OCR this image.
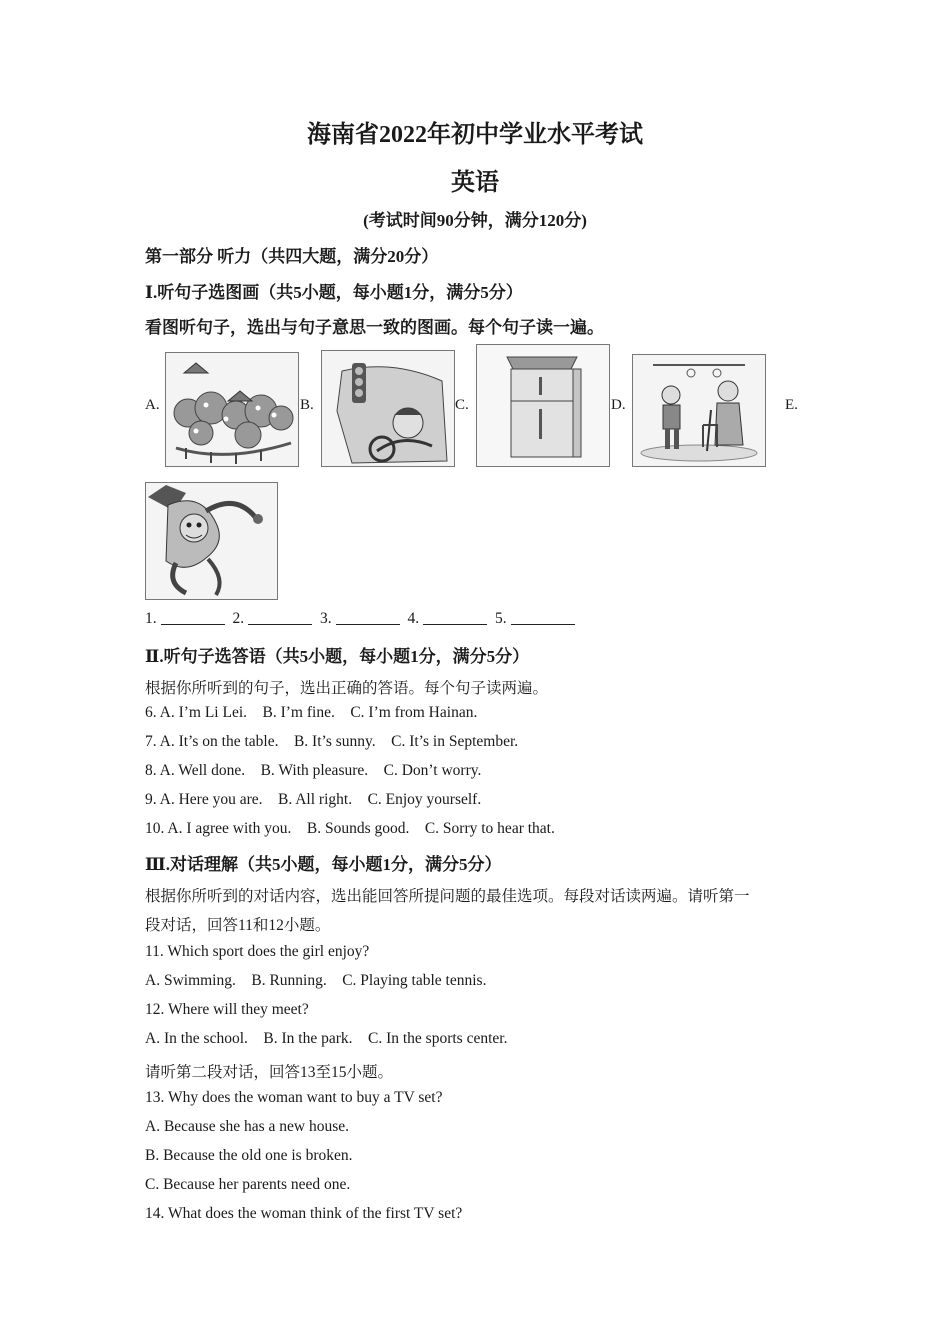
海南省2022年初中学业水平考试
英语
(考试时间90分钟，满分120分)
第一部分 听力（共四大题，满分20分）
Ⅰ.听句子选图画（共5小题，每小题1分，满分5分）
看图听句子，选出与句子意思一致的图画。每个句子读一遍。
A.	B.	C.	D.	E.
1.	2.	3.	4.	5.
Ⅱ.听句子选答语（共5小题，每小题1分，满分5分）
根据你所听到的句子，选出正确的答语。每个句子读两遍。
6. A. I’m Li Lei.    B. I’m fine.    C. I’m from Hainan.
7. A. It’s on the table.    B. It’s sunny.    C. It’s in September.
8. A. Well done.    B. With pleasure.    C. Don’t worry.
9. A. Here you are.    B. All right.    C. Enjoy yourself.
10. A. I agree with you.    B. Sounds good.    C. Sorry to hear that.
Ⅲ.对话理解（共5小题，每小题1分，满分5分）
根据你所听到的对话内容，选出能回答所提问题的最佳选项。每段对话读两遍。请听第一
段对话，回答11和12小题。
11. Which sport does the girl enjoy?
A. Swimming.    B. Running.    C. Playing table tennis.
12. Where will they meet?
A. In the school.    B. In the park.    C. In the sports center.
请听第二段对话，回答13至15小题。
13. Why does the woman want to buy a TV set?
A. Because she has a new house.
B. Because the old one is broken.
C. Because her parents need one.
14. What does the woman think of the first TV set?
